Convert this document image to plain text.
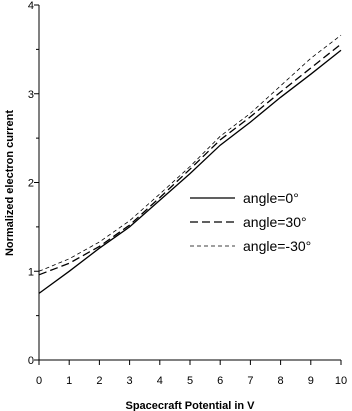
0 1 2 3 4 5 6 7 8 9 10
0
1
2
3
4
Spacecraft Potential in V
Normalized electron current	angle=0°
angle=30°
angle=-30°
